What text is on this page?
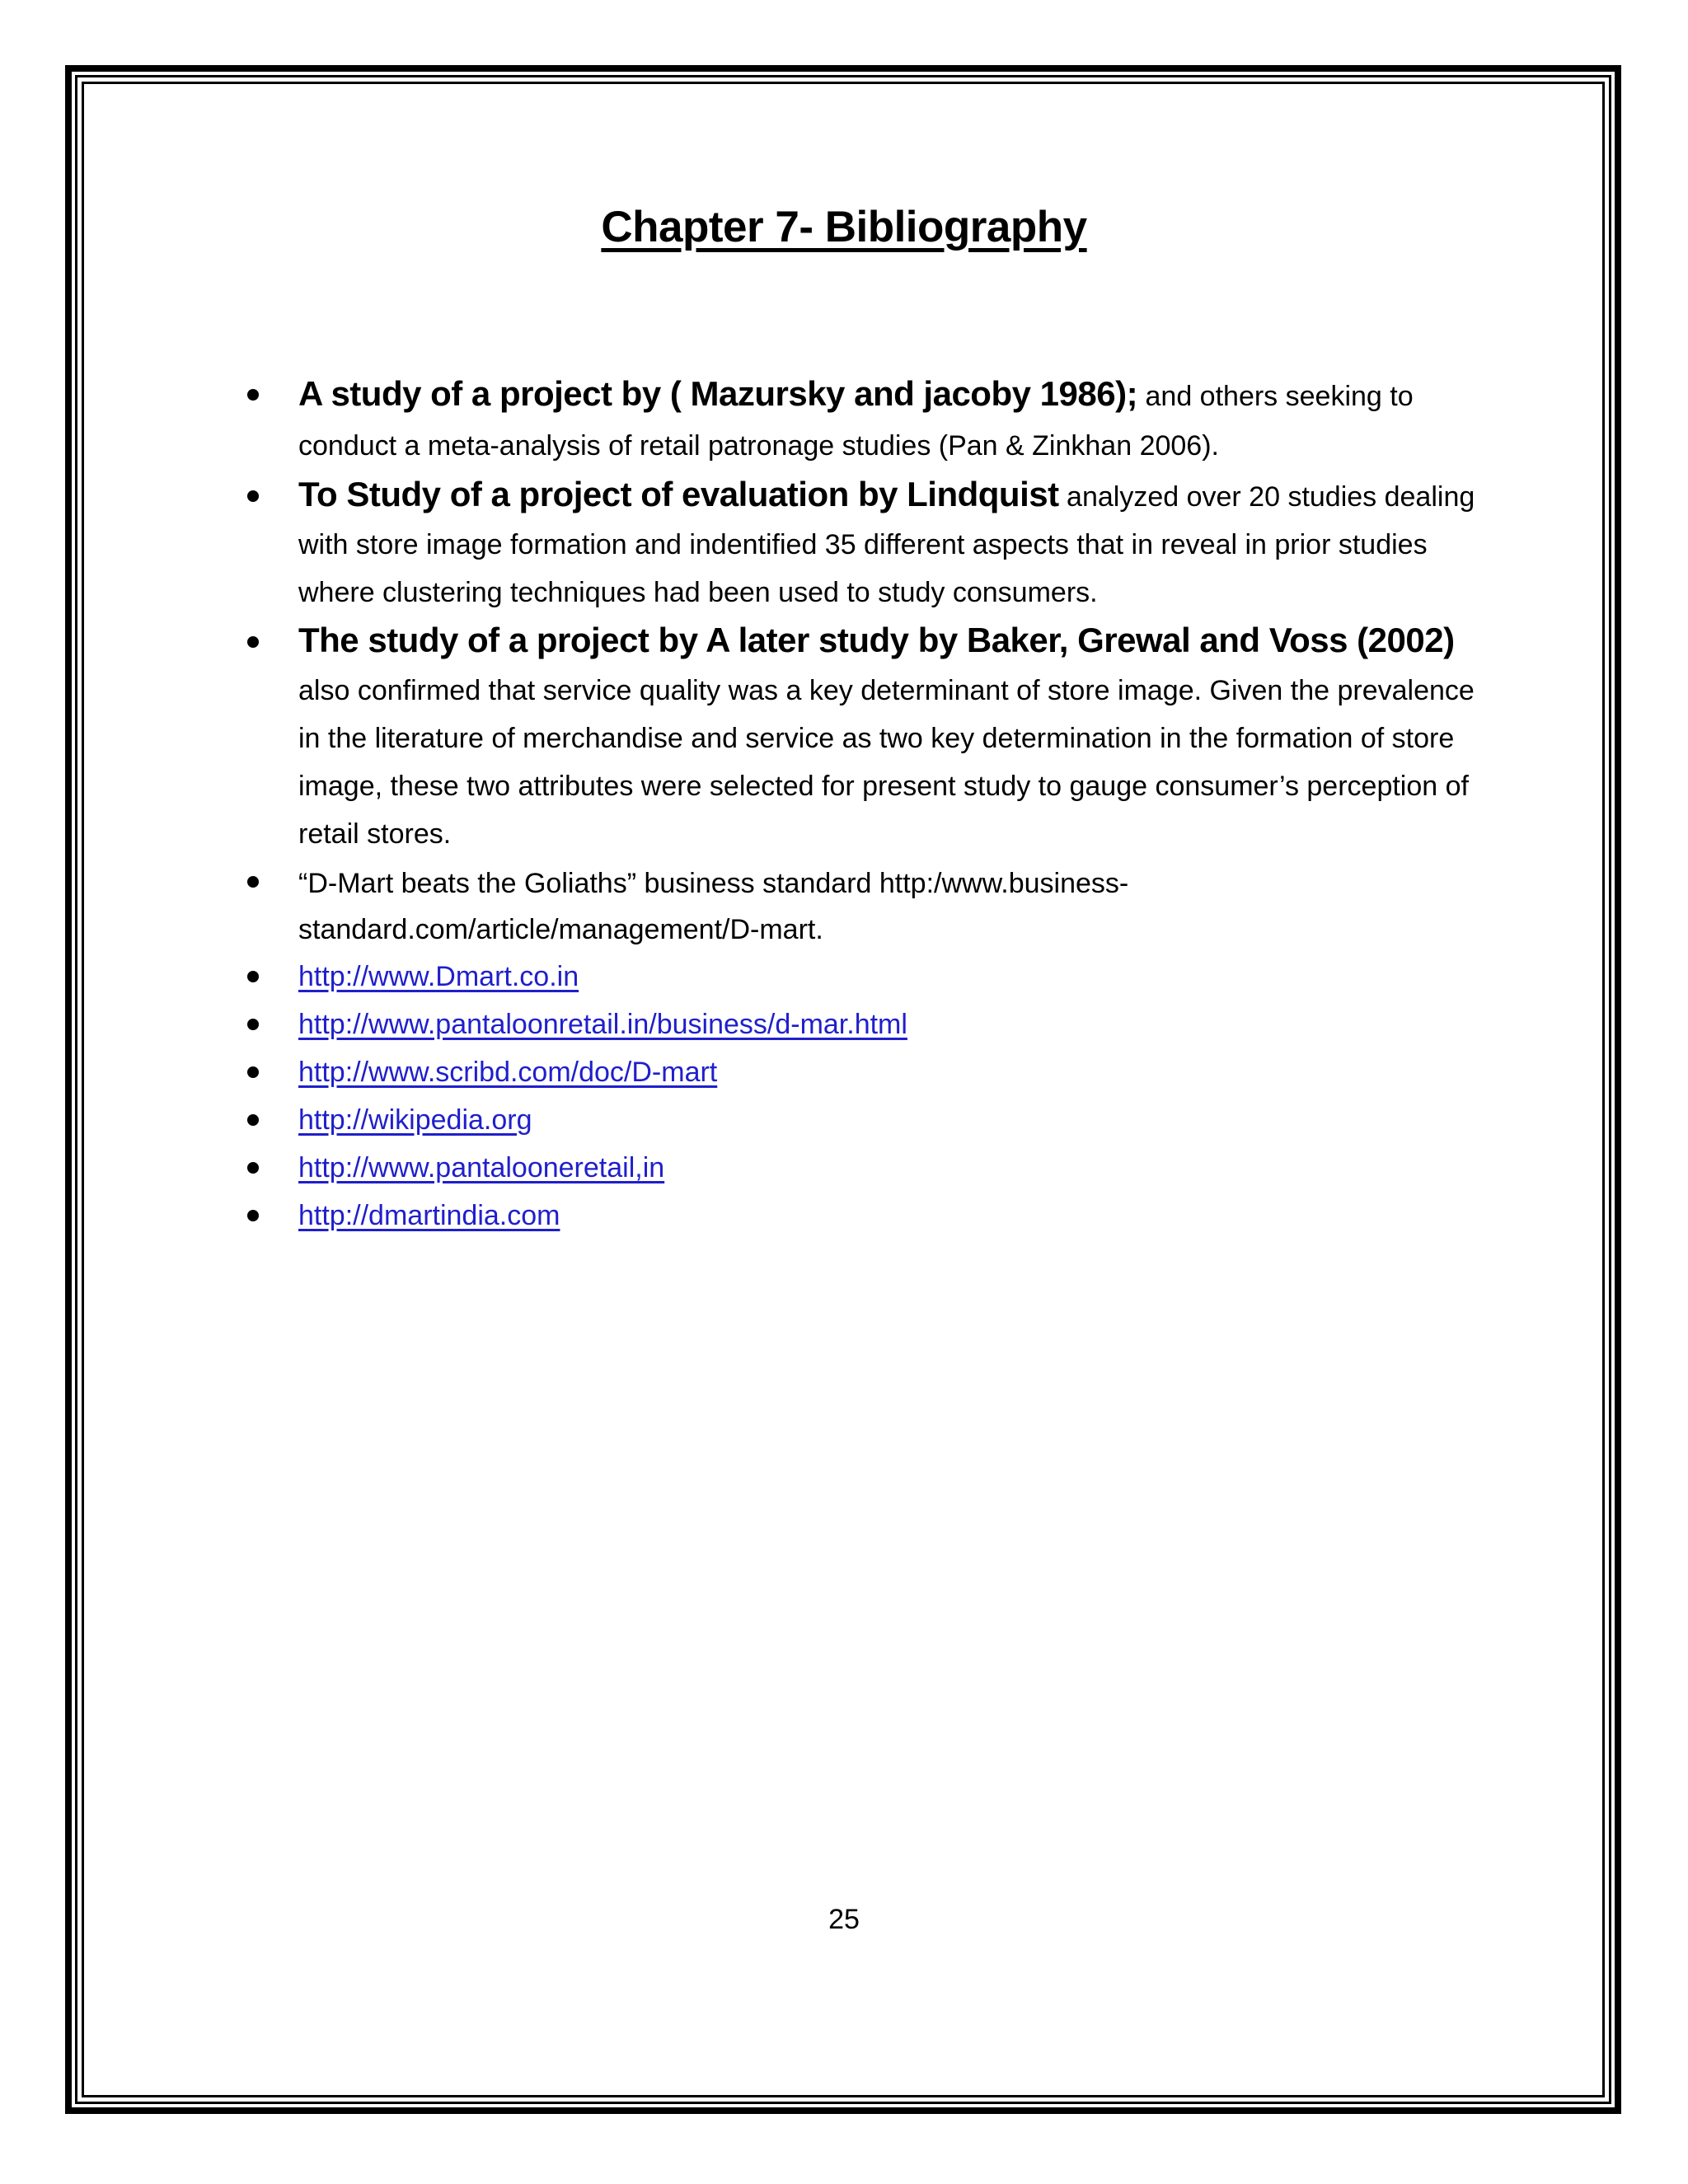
Chapter 7- Bibliography
A study of a project by ( Mazursky and jacoby 1986); and others seeking to conduct a meta-analysis of retail patronage studies (Pan & Zinkhan 2006).
To Study of a project of evaluation by Lindquist analyzed over 20 studies dealing with store image formation and indentified 35 different aspects that in reveal in prior studies where clustering techniques had been used to study consumers.
The study of a project by A later study by Baker, Grewal and Voss (2002) also confirmed that service quality was a key determinant of store image. Given the prevalence in the literature of merchandise and service as two key determination in the formation of store image, these two attributes were selected for present study to gauge consumer’s perception of retail stores.
“D-Mart beats the Goliaths” business standard http:/www.business-standard.com/article/management/D-mart.
http://www.Dmart.co.in
http://www.pantaloonretail.in/business/d-mar.html
http://www.scribd.com/doc/D-mart
http://wikipedia.org
http://www.pantalooneretail,in
http://dmartindia.com
25
